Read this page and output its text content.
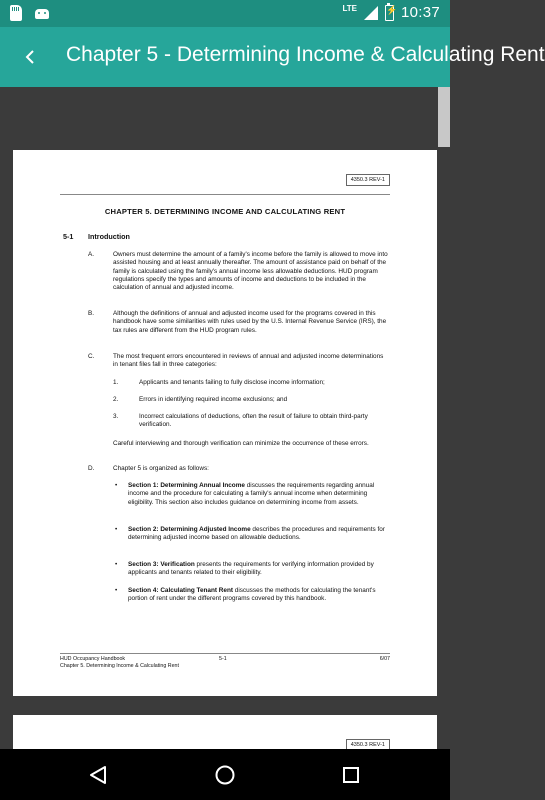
LTE
⚡	10:37
Chapter 5 - Determining Income & Calculating Rent
4350.3 REV-1
CHAPTER 5. DETERMINING INCOME AND CALCULATING RENT
5-1 Introduction
A.	Owners must determine the amount of a family's income before the family is allowed to move into assisted housing and at least annually thereafter. The amount of assistance paid on behalf of the family is calculated using the family's annual income less allowable deductions. HUD program regulations specify the types and amounts of income and deductions to be included in the calculation of annual and adjusted income.
B.	Although the definitions of annual and adjusted income used for the programs covered in this handbook have some similarities with rules used by the U.S. Internal Revenue Service (IRS), the tax rules are different from the HUD program rules.
C.	The most frequent errors encountered in reviews of annual and adjusted income determinations in tenant files fall in three categories:
1.	Applicants and tenants failing to fully disclose income information;
2.	Errors in identifying required income exclusions; and
3.	Incorrect calculations of deductions, often the result of failure to obtain third-party verification.
Careful interviewing and thorough verification can minimize the occurrence of these errors.
D.	Chapter 5 is organized as follows:
• Section 1: Determining Annual Income discusses the requirements regarding annual income and the procedure for calculating a family's annual income when determining eligibility. This section also includes guidance on determining income from assets.
• Section 2: Determining Adjusted Income describes the procedures and requirements for determining adjusted income based on allowable deductions.
• Section 3: Verification presents the requirements for verifying information provided by applicants and tenants related to their eligibility.
• Section 4: Calculating Tenant Rent discusses the methods for calculating the tenant's portion of rent under the different programs covered by this handbook.
HUD Occupancy Handbook
Chapter 5. Determining Income & Calculating Rent
5-1	6/07
4350.3 REV-1
